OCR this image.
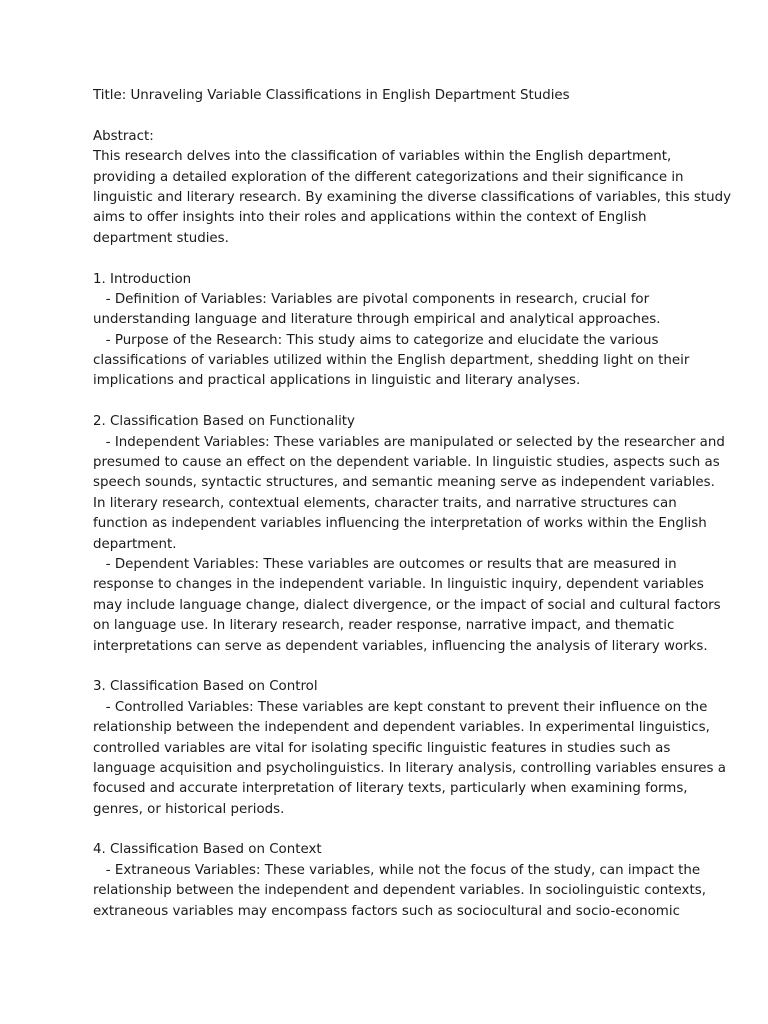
Title: Unraveling Variable Classifications in English Department Studies
Abstract:
This research delves into the classification of variables within the English department,
providing a detailed exploration of the different categorizations and their significance in
linguistic and literary research. By examining the diverse classifications of variables, this study
aims to offer insights into their roles and applications within the context of English
department studies.
1. Introduction
- Definition of Variables: Variables are pivotal components in research, crucial for
understanding language and literature through empirical and analytical approaches.
- Purpose of the Research: This study aims to categorize and elucidate the various
classifications of variables utilized within the English department, shedding light on their
implications and practical applications in linguistic and literary analyses.
2. Classification Based on Functionality
- Independent Variables: These variables are manipulated or selected by the researcher and
presumed to cause an effect on the dependent variable. In linguistic studies, aspects such as
speech sounds, syntactic structures, and semantic meaning serve as independent variables.
In literary research, contextual elements, character traits, and narrative structures can
function as independent variables influencing the interpretation of works within the English
department.
- Dependent Variables: These variables are outcomes or results that are measured in
response to changes in the independent variable. In linguistic inquiry, dependent variables
may include language change, dialect divergence, or the impact of social and cultural factors
on language use. In literary research, reader response, narrative impact, and thematic
interpretations can serve as dependent variables, influencing the analysis of literary works.
3. Classification Based on Control
- Controlled Variables: These variables are kept constant to prevent their influence on the
relationship between the independent and dependent variables. In experimental linguistics,
controlled variables are vital for isolating specific linguistic features in studies such as
language acquisition and psycholinguistics. In literary analysis, controlling variables ensures a
focused and accurate interpretation of literary texts, particularly when examining forms,
genres, or historical periods.
4. Classification Based on Context
- Extraneous Variables: These variables, while not the focus of the study, can impact the
relationship between the independent and dependent variables. In sociolinguistic contexts,
extraneous variables may encompass factors such as sociocultural and socio-economic
